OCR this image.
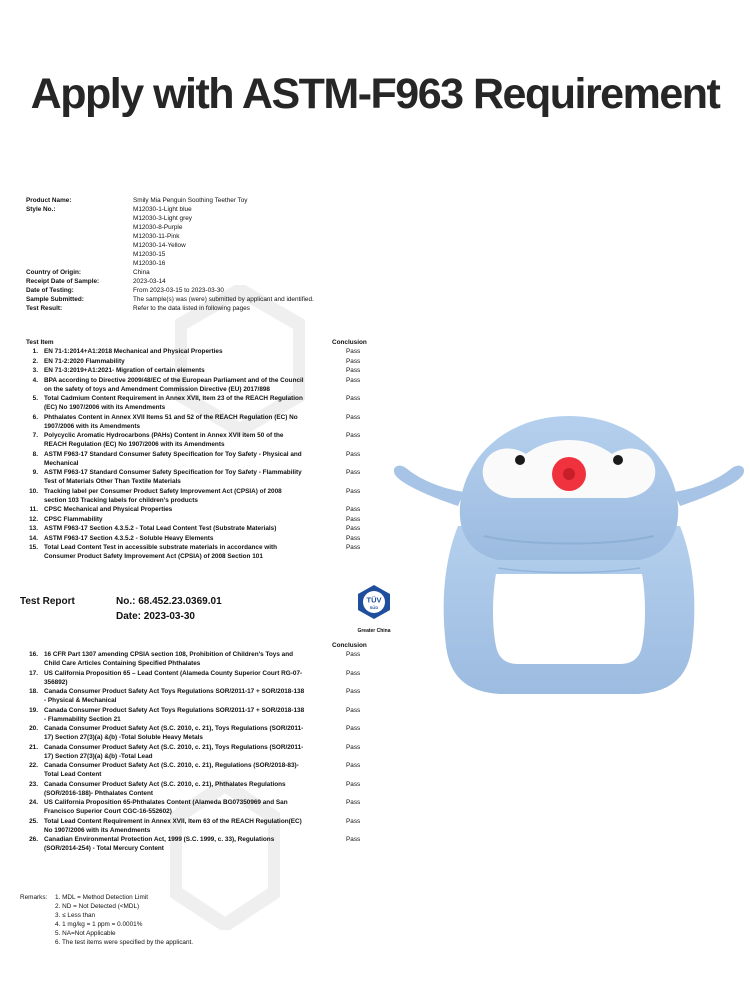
Apply with ASTM-F963 Requirement
Product Name:	Smily Mia Penguin Soothing Teether Toy
Style No.:	M12030-1-Light blue
M12030-3-Light grey
M12030-8-Purple
M12030-11-Pink
M12030-14-Yellow
M12030-15
M12030-16
Country of Origin:	China
Receipt Date of Sample:	2023-03-14
Date of Testing:	From 2023-03-15 to 2023-03-30
Sample Submitted:	The sample(s) was (were) submitted by applicant and identified.
Test Result:	Refer to the data listed in following pages
Test Item	Conclusion
1. EN 71-1:2014+A1:2018 Mechanical and Physical Properties	Pass
2. EN 71-2:2020 Flammability	Pass
3. EN 71-3:2019+A1:2021- Migration of certain elements	Pass
4. BPA according to Directive 2009/48/EC of the European Parliament and of the Council
on the safety of toys and Amendment Commission Directive (EU) 2017/898
Pass
5. Total Cadmium Content Requirement in Annex XVII, Item 23 of the REACH Regulation
(EC) No 1907/2006 with its Amendments
Pass
6. Phthalates Content in Annex XVII Items 51 and 52 of the REACH Regulation (EC) No
1907/2006 with its Amendments
Pass
7. Polycyclic Aromatic Hydrocarbons (PAHs) Content in Annex XVII item 50 of the
REACH Regulation (EC) No 1907/2006 with its Amendments
Pass
8. ASTM F963-17 Standard Consumer Safety Specification for Toy Safety - Physical and
Mechanical
Pass
9. ASTM F963-17 Standard Consumer Safety Specification for Toy Safety - Flammability
Test of Materials Other Than Textile Materials
Pass
10. Tracking label per Consumer Product Safety Improvement Act (CPSIA) of 2008
section 103 Tracking labels for children's products
Pass
11. CPSC Mechanical and Physical Properties	Pass
12. CPSC Flammability	Pass
13. ASTM F963-17 Section 4.3.5.2 - Total Lead Content Test (Substrate Materials)	Pass
14. ASTM F963-17 Section 4.3.5.2 - Soluble Heavy Elements	Pass
15. Total Lead Content Test in accessible substrate materials in accordance with
Consumer Product Safety Improvement Act (CPSIA) of 2008 Section 101
Pass
Test Report	No.: 68.452.23.0369.01
Date: 2023-03-30
TÜV
SÜD
Greater China
Conclusion
16. 16 CFR Part 1307 amending CPSIA section 108, Prohibition of Children's Toys and
Child Care Articles Containing Specified Phthalates
Pass
17. US California Proposition 65 – Lead Content (Alameda County Superior Court RG-07-
356892)
Pass
18. Canada Consumer Product Safety Act Toys Regulations SOR/2011-17 + SOR/2018-138
- Physical & Mechanical
Pass
19. Canada Consumer Product Safety Act Toys Regulations SOR/2011-17 + SOR/2018-138
- Flammability Section 21
Pass
20. Canada Consumer Product Safety Act (S.C. 2010, c. 21), Toys Regulations (SOR/2011-
17) Section 27(3)(a) &(b) -Total Soluble Heavy Metals
Pass
21. Canada Consumer Product Safety Act (S.C. 2010, c. 21), Toys Regulations (SOR/2011-
17) Section 27(3)(a) &(b) -Total Lead
Pass
22. Canada Consumer Product Safety Act (S.C. 2010, c. 21), Regulations (SOR/2018-83)-
Total Lead Content
Pass
23. Canada Consumer Product Safety Act (S.C. 2010, c. 21), Phthalates Regulations
(SOR/2016-188)- Phthalates Content
Pass
24. US California Proposition 65-Phthalates Content (Alameda BG07350969 and San
Francisco Superior Court CGC-16-552602)
Pass
25. Total Lead Content Requirement in Annex XVII, Item 63 of the REACH Regulation(EC)
No 1907/2006 with its Amendments
Pass
26. Canadian Environmental Protection Act, 1999 (S.C. 1999, c. 33), Regulations
(SOR/2014-254) - Total Mercury Content
Pass
Remarks:	1. MDL = Method Detection Limit
2. ND = Not Detected (<MDL)
3. ≤ Less than
4. 1 mg/kg = 1 ppm = 0.0001%
5. NA=Not Applicable
6. The test items were specified by the applicant.
